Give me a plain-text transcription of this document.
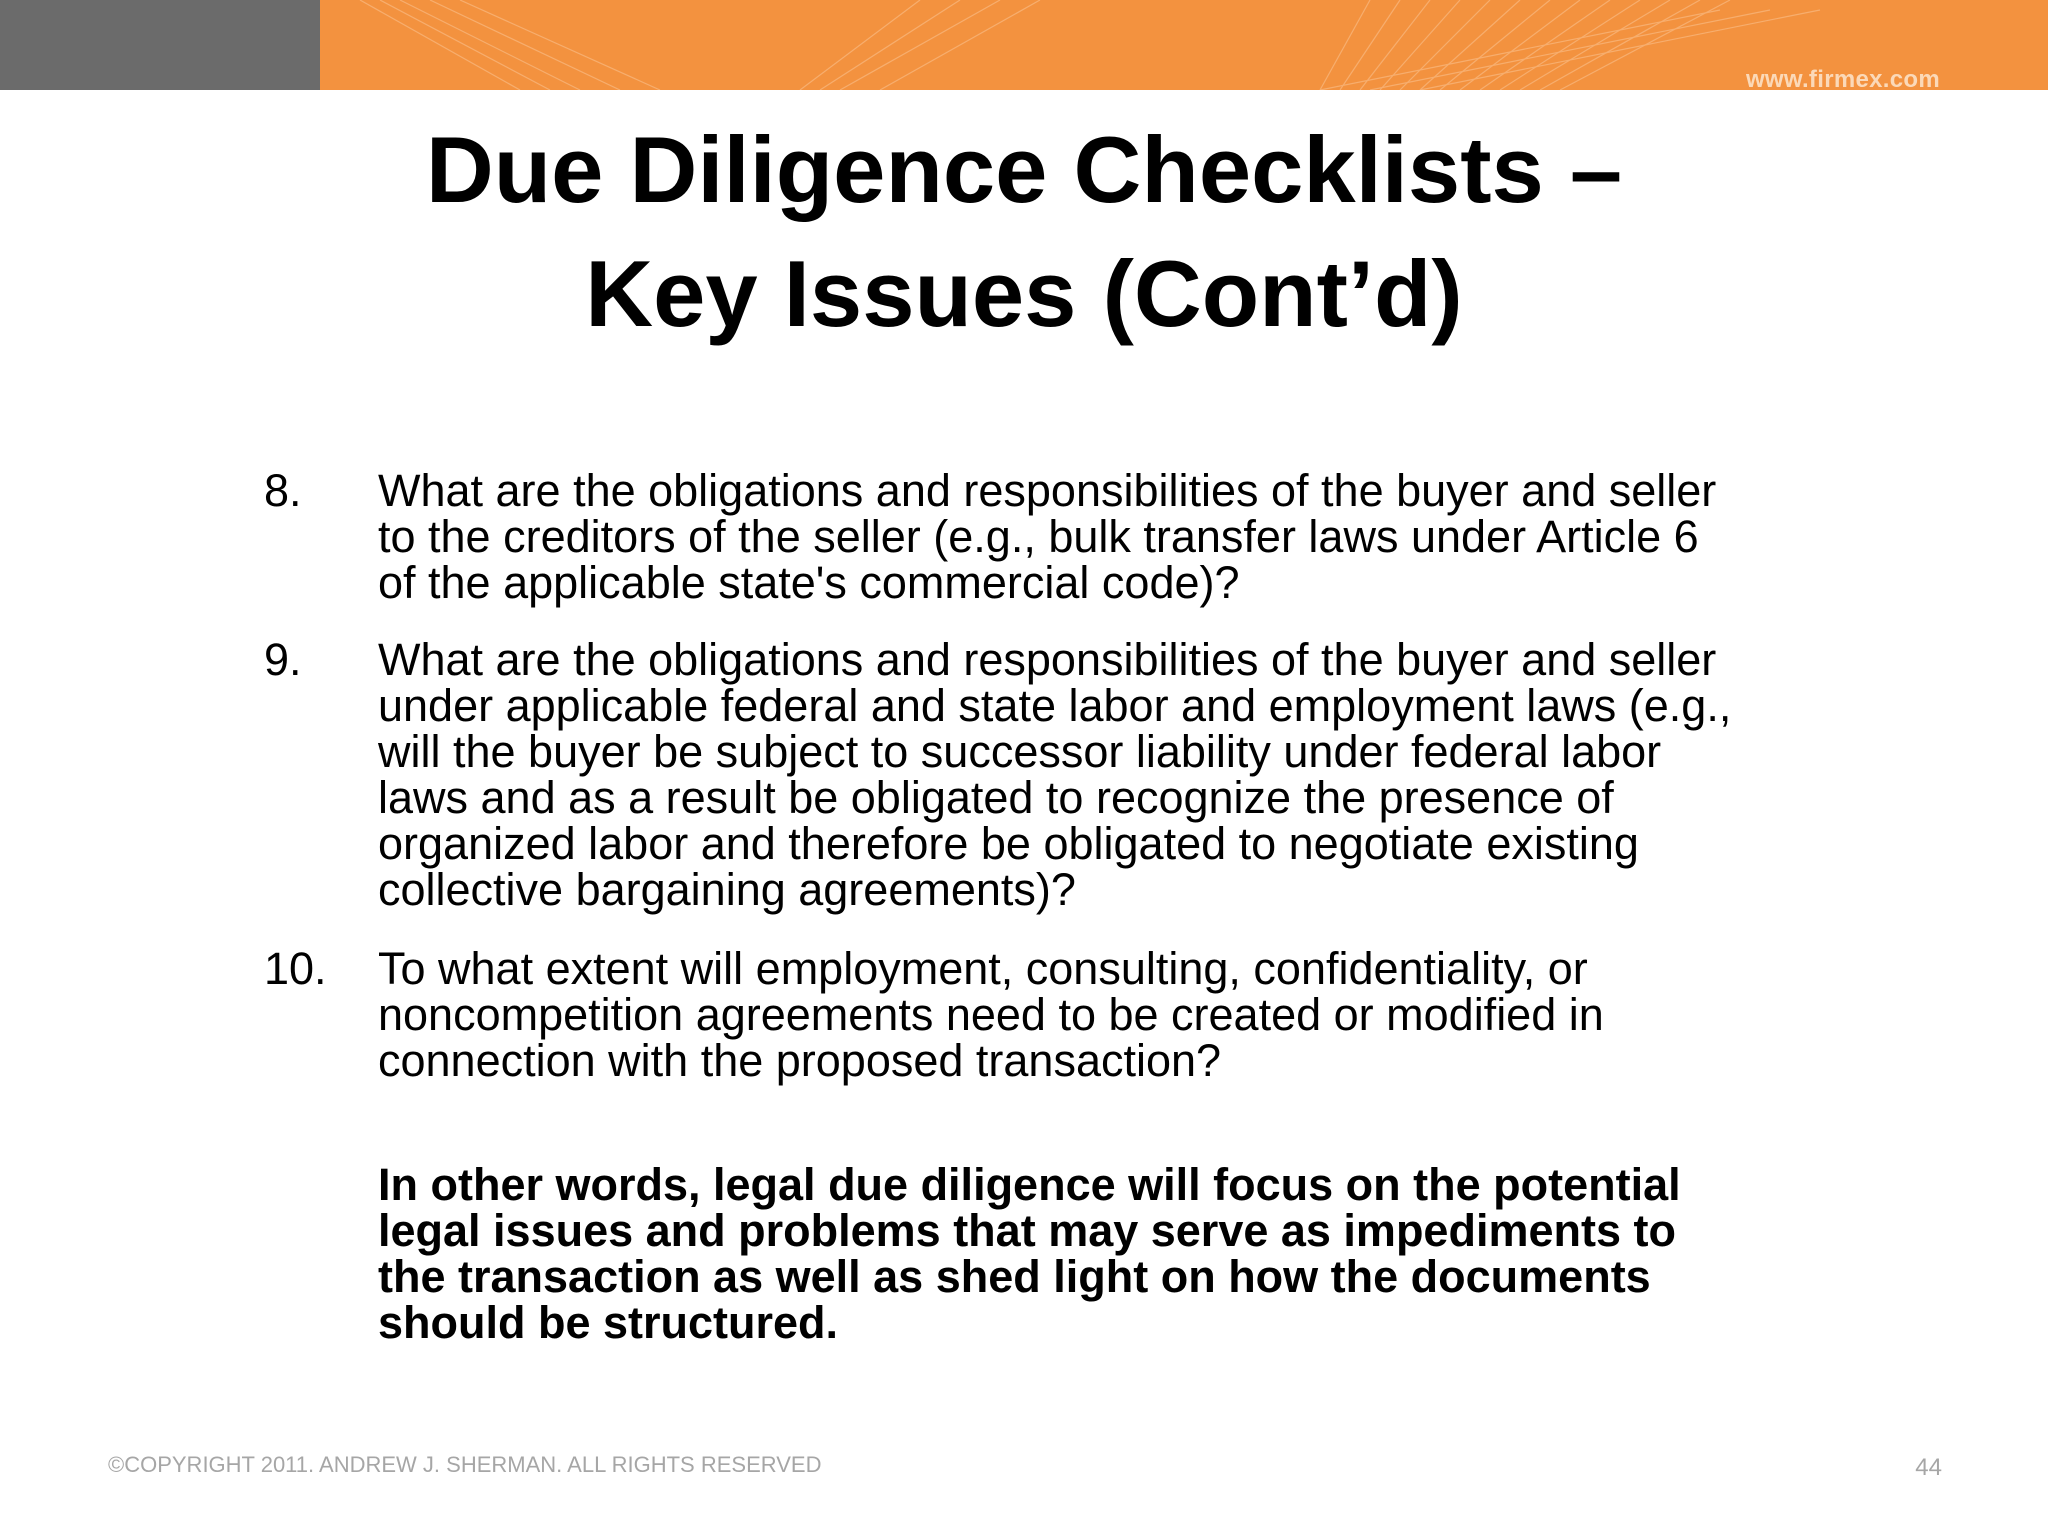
www.firmex.com
Due Diligence Checklists –
Key Issues (Cont’d)
8. What are the obligations and responsibilities of the buyer and seller
to the creditors of the seller (e.g., bulk transfer laws under Article 6
of the applicable state's commercial code)?
9. What are the obligations and responsibilities of the buyer and seller
under applicable federal and state labor and employment laws (e.g.,
will the buyer be subject to successor liability under federal labor
laws and as a result be obligated to recognize the presence of
organized labor and therefore be obligated to negotiate existing
collective bargaining agreements)?
10. To what extent will employment, consulting, confidentiality, or
noncompetition agreements need to be created or modified in
connection with the proposed transaction?
In other words, legal due diligence will focus on the potential
legal issues and problems that may serve as impediments to
the transaction as well as shed light on how the documents
should be structured.
©COPYRIGHT 2011. ANDREW J. SHERMAN. ALL RIGHTS RESERVED	44
